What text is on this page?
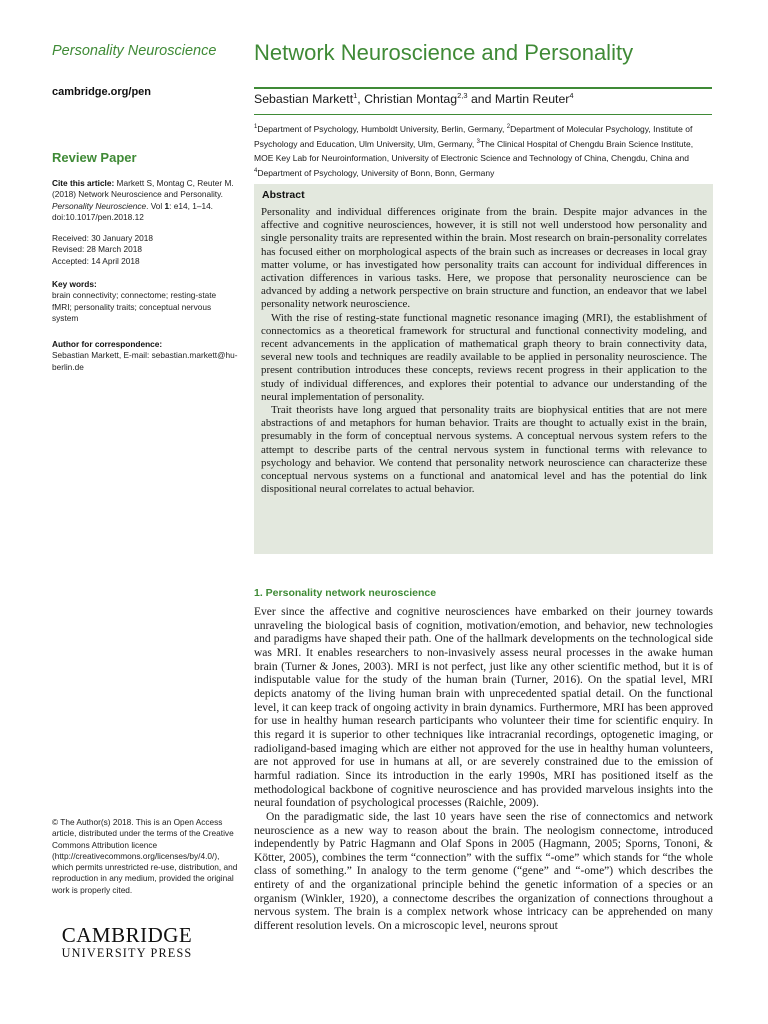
Personality Neuroscience
cambridge.org/pen
Network Neuroscience and Personality
Sebastian Markett$^1$, Christian Montag$^{2,3}$ and Martin Reuter$^4$
$^1$Department of Psychology, Humboldt University, Berlin, Germany, $^2$Department of Molecular Psychology, Institute of Psychology and Education, Ulm University, Ulm, Germany, $^3$The Clinical Hospital of Chengdu Brain Science Institute, MOE Key Lab for Neuroinformation, University of Electronic Science and Technology of China, Chengdu, China and $^4$Department of Psychology, University of Bonn, Bonn, Germany
Review Paper
Cite this article: Markett S, Montag C, Reuter M. (2018) Network Neuroscience and Personality. Personality Neuroscience. Vol 1: e14, 1–14. doi:10.1017/pen.2018.12
Received: 30 January 2018
Revised: 28 March 2018
Accepted: 14 April 2018
Key words:
brain connectivity; connectome; resting-state fMRI; personality traits; conceptual nervous system
Author for correspondence:
Sebastian Markett, E-mail: sebastian.markett@hu-berlin.de
© The Author(s) 2018. This is an Open Access article, distributed under the terms of the Creative Commons Attribution licence (http://creativecommons.org/licenses/by/4.0/), which permits unrestricted re-use, distribution, and reproduction in any medium, provided the original work is properly cited.
CAMBRIDGE
UNIVERSITY PRESS
Abstract

Personality and individual differences originate from the brain. Despite major advances in the affective and cognitive neurosciences, however, it is still not well understood how personality and single personality traits are represented within the brain. Most research on brain-personality correlates has focused either on morphological aspects of the brain such as increases or decreases in local gray matter volume, or has investigated how personality traits can account for individual differences in activation differences in various tasks. Here, we propose that personality neuroscience can be advanced by adding a network perspective on brain structure and function, an endeavor that we label personality network neuroscience.

With the rise of resting-state functional magnetic resonance imaging (MRI), the establishment of connectomics as a theoretical framework for structural and functional connectivity modeling, and recent advancements in the application of mathematical graph theory to brain connectivity data, several new tools and techniques are readily available to be applied in personality neuroscience. The present contribution introduces these concepts, reviews recent progress in their application to the study of individual differences, and explores their potential to advance our understanding of the neural implementation of personality.

Trait theorists have long argued that personality traits are biophysical entities that are not mere abstractions of and metaphors for human behavior. Traits are thought to actually exist in the brain, presumably in the form of conceptual nervous systems. A conceptual nervous system refers to the attempt to describe parts of the central nervous system in functional terms with relevance to psychology and behavior. We contend that personality network neuroscience can characterize these conceptual nervous systems on a functional and anatomical level and has the potential do link dispositional neural correlates to actual behavior.

1. Personality network neuroscience

Ever since the affective and cognitive neurosciences have embarked on their journey towards unraveling the biological basis of cognition, motivation/emotion, and behavior, new technologies and paradigms have shaped their path. One of the hallmark developments on the technological side was MRI. It enables researchers to non-invasively assess neural processes in the awake human brain (Turner & Jones, 2003). MRI is not perfect, just like any other scientific method, but it is of indisputable value for the study of the human brain (Turner, 2016). On the spatial level, MRI depicts anatomy of the living human brain with unprecedented spatial detail. On the functional level, it can keep track of ongoing activity in brain dynamics. Furthermore, MRI has been approved for use in healthy human research participants who volunteer their time for scientific enquiry. In this regard it is superior to other techniques like intracranial recordings, optogenetic imaging, or radioligand-based imaging which are either not approved for the use in healthy human volunteers, are not approved for use in humans at all, or are severely constrained due to the emission of harmful radiation. Since its introduction in the early 1990s, MRI has positioned itself as the methodological backbone of cognitive neuroscience and has provided marvelous insights into the neural foundation of psychological processes (Raichle, 2009).

On the paradigmatic side, the last 10 years have seen the rise of connectomics and network neuroscience as a new way to reason about the brain. The neologism connectome, introduced independently by Patric Hagmann and Olaf Spons in 2005 (Hagmann, 2005; Sporns, Tononi, & Kötter, 2005), combines the term “connection” with the suffix “-ome” which stands for “the whole class of something.” In analogy to the term genome (“gene” and “-ome”) which describes the entirety of and the organizational principle behind the genetic information of a species or an organism (Winkler, 1920), a connectome describes the organization of connections throughout a nervous system. The brain is a complex network whose intricacy can be apprehended on many different resolution levels. On a microscopic level, neurons sprout
